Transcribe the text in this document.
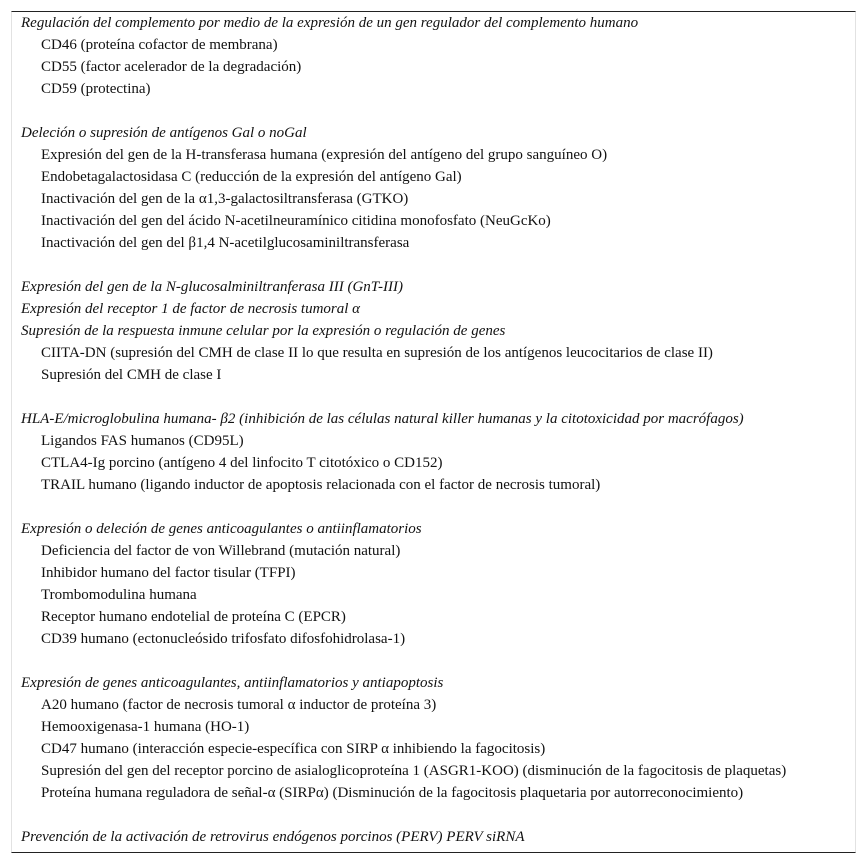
Regulación del complemento por medio de la expresión de un gen regulador del complemento humano
CD46 (proteína cofactor de membrana)
CD55 (factor acelerador de la degradación)
CD59 (protectina)
Deleción o supresión de antígenos Gal o noGal
Expresión del gen de la H-transferasa humana (expresión del antígeno del grupo sanguíneo O)
Endobetagalactosidasa C (reducción de la expresión del antígeno Gal)
Inactivación del gen de la α1,3-galactosiltransferasa (GTKO)
Inactivación del gen del ácido N-acetilneuramínico citidina monofosfato (NeuGcKo)
Inactivación del gen del β1,4 N-acetilglucosaminiltransferasa
Expresión del gen de la N-glucosalminiltranferasa III (GnT-III)
Expresión del receptor 1 de factor de necrosis tumoral α
Supresión de la respuesta inmune celular por la expresión o regulación de genes
CIITA-DN (supresión del CMH de clase II lo que resulta en supresión de los antígenos leucocitarios de clase II)
Supresión del CMH de clase I
HLA-E/microglobulina humana- β2 (inhibición de las células natural killer humanas y la citotoxicidad por macrófagos)
Ligandos FAS humanos (CD95L)
CTLA4-Ig porcino (antígeno 4 del linfocito T citotóxico o CD152)
TRAIL humano (ligando inductor de apoptosis relacionada con el factor de necrosis tumoral)
Expresión o deleción de genes anticoagulantes o antiinflamatorios
Deficiencia del factor de von Willebrand (mutación natural)
Inhibidor humano del factor tisular (TFPI)
Trombomodulina humana
Receptor humano endotelial de proteína C (EPCR)
CD39 humano (ectonucleósido trifosfato difosfohidrolasa-1)
Expresión de genes anticoagulantes, antiinflamatorios y antiapoptosis
A20 humano (factor de necrosis tumoral α inductor de proteína 3)
Hemooxigenasa-1 humana (HO-1)
CD47 humano (interacción especie-específica con SIRP α inhibiendo la fagocitosis)
Supresión del gen del receptor porcino de asialoglicoproteína 1 (ASGR1-KOO) (disminución de la fagocitosis de plaquetas)
Proteína humana reguladora de señal-α (SIRPα) (Disminución de la fagocitosis plaquetaria por autorreconocimiento)
Prevención de la activación de retrovirus endógenos porcinos (PERV) PERV siRNA
